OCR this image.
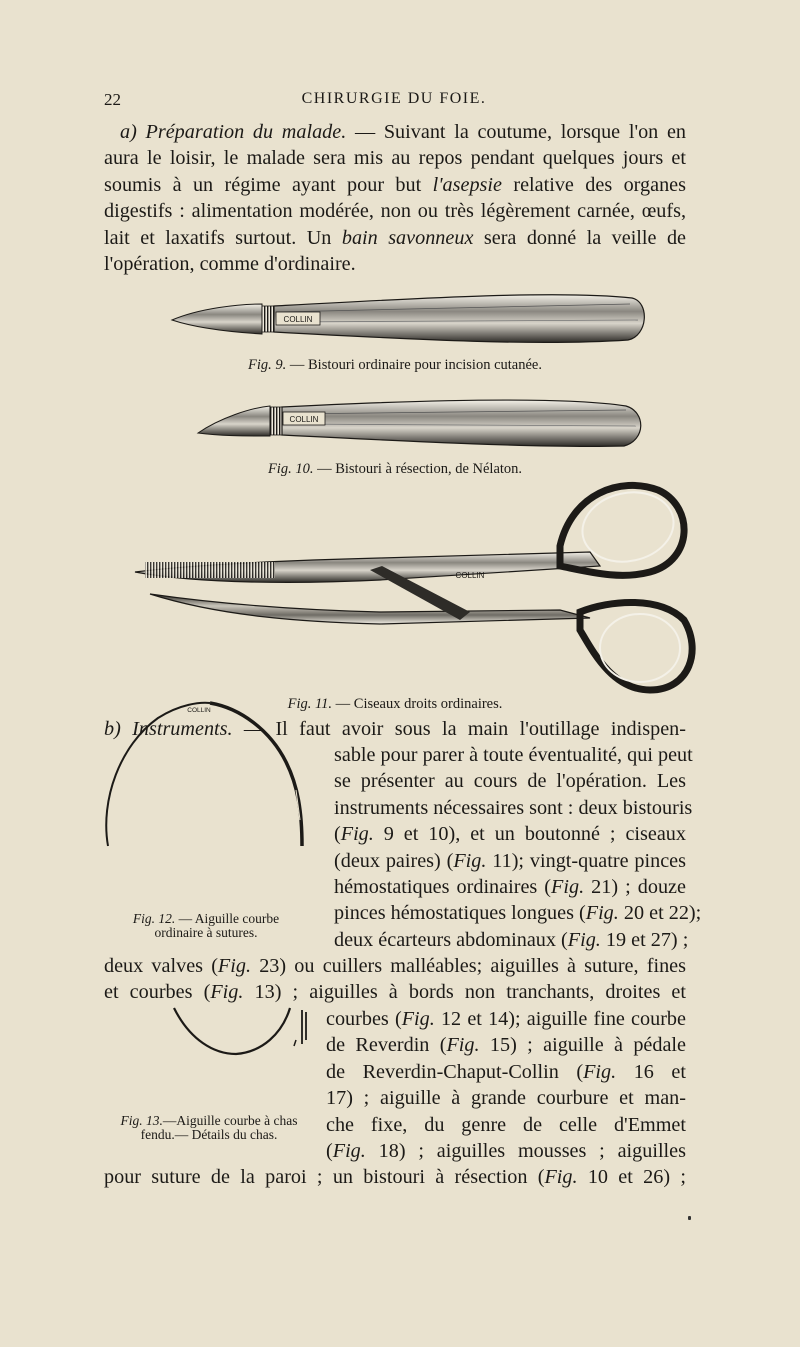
22	CHIRURGIE DU FOIE.
a) Préparation du malade. — Suivant la coutume, lorsque l'on en aura le loisir, le malade sera mis au repos pendant quelques jours et soumis à un régime ayant pour but l'asepsie relative des organes digestifs : alimentation modérée, non ou très légèrement carnée, œufs, lait et laxatifs surtout. Un bain savonneux sera donné la veille de l'opération, comme d'ordinaire.
COLLIN
COLLIN
COLLIN
COLLIN
Fig. 9. — Bistouri ordinaire pour incision cutanée.
Fig. 10. — Bistouri à résection, de Nélaton.
Fig. 11. — Ciseaux droits ordinaires.
b) Instruments. — Il faut avoir sous la main l'outillage indispen-
sable pour parer à toute éventualité, qui peut
se présenter au cours de l'opération. Les
instruments nécessaires sont : deux bistouris
(Fig. 9 et 10), et un boutonné ; ciseaux
(deux paires) (Fig. 11); vingt-quatre pinces
hémostatiques ordinaires (Fig. 21) ; douze
pinces hémostatiques longues (Fig. 20 et 22);
deux écarteurs abdominaux (Fig. 19 et 27) ;
Fig. 12. — Aiguille courbe
ordinaire à sutures.
deux valves (Fig. 23) ou cuillers malléables; aiguilles à suture, fines
et courbes (Fig. 13) ; aiguilles à bords non tranchants, droites et
courbes (Fig. 12 et 14); aiguille fine courbe
de Reverdin (Fig. 15) ; aiguille à pédale
de Reverdin-Chaput-Collin (Fig. 16 et
17) ; aiguille à grande courbure et man-
che fixe, du genre de celle d'Emmet
(Fig. 18) ; aiguilles mousses ; aiguilles
Fig. 13.—Aiguille courbe à chas
fendu.— Détails du chas.
pour suture de la paroi ; un bistouri à résection (Fig. 10 et 26) ;
